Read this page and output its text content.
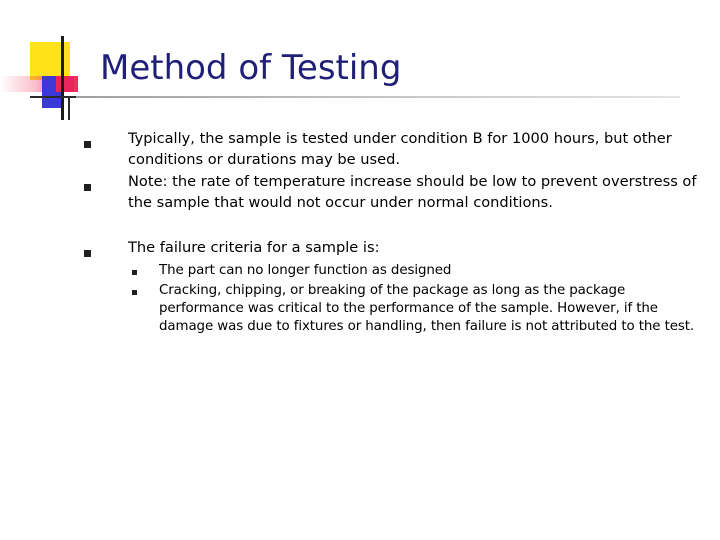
Method of Testing

Typically, the sample is tested under condition B for 1000 hours, but other conditions or durations may be used.

Note: the rate of temperature increase should be low to prevent overstress of the sample that would not occur under normal conditions.

The failure criteria for a sample is:

The part can no longer function as designed

Cracking, chipping, or breaking of the package as long as the package performance was critical to the performance of the sample. However, if the damage was due to fixtures or handling, then failure is not attributed to the test.
